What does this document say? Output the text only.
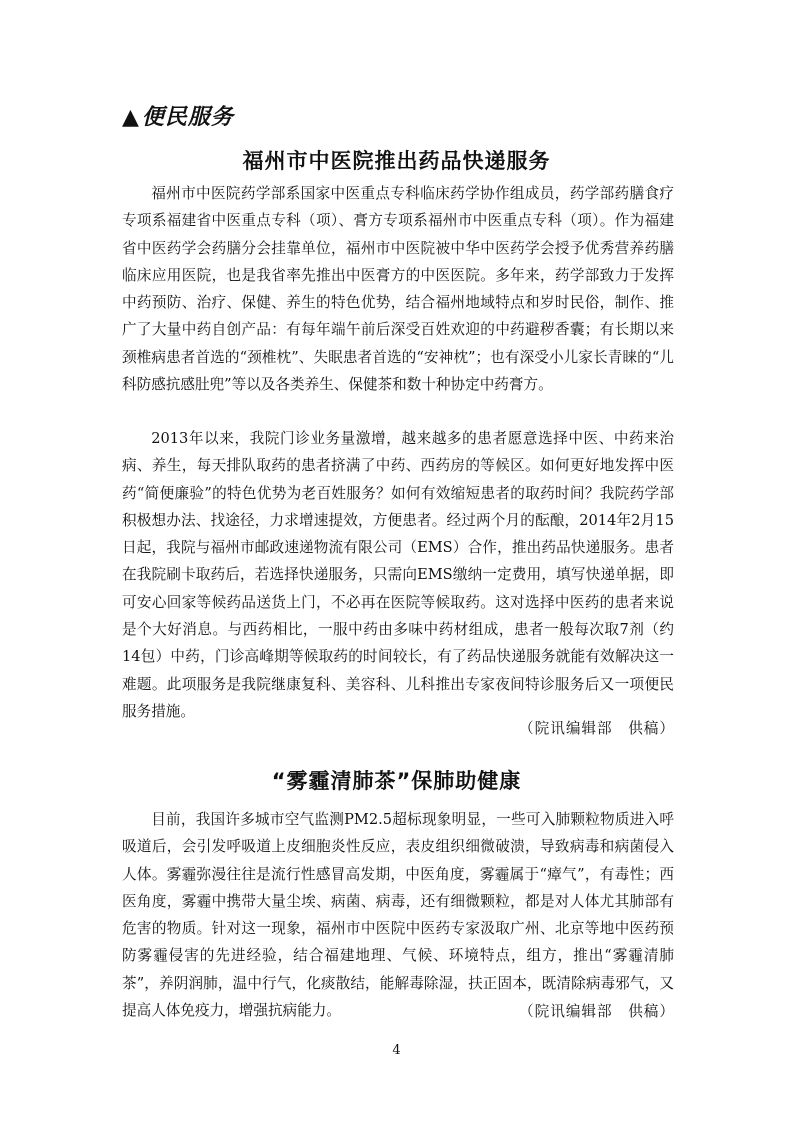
▲便民服务
福州市中医院推出药品快递服务

福州市中医院药学部系国家中医重点专科临床药学协作组成员，药学部药膳食疗专项系福建省中医重点专科（项）、膏方专项系福州市中医重点专科（项）。作为福建省中医药学会药膳分会挂靠单位，福州市中医院被中华中医药学会授予优秀营养药膳临床应用医院，也是我省率先推出中医膏方的中医医院。多年来，药学部致力于发挥中药预防、治疗、保健、养生的特色优势，结合福州地域特点和岁时民俗，制作、推广了大量中药自创产品：有每年端午前后深受百姓欢迎的中药避秽香囊；有长期以来颈椎病患者首选的“颈椎枕”、失眠患者首选的“安神枕”；也有深受小儿家长青睐的“儿科防感抗感肚兜”等以及各类养生、保健茶和数十种协定中药膏方。

2013年以来，我院门诊业务量激增，越来越多的患者愿意选择中医、中药来治病、养生，每天排队取药的患者挤满了中药、西药房的等候区。如何更好地发挥中医药“简便廉验”的特色优势为老百姓服务？如何有效缩短患者的取药时间？我院药学部积极想办法、找途径，力求增速提效，方便患者。经过两个月的酝酿，2014年2月15日起，我院与福州市邮政速递物流有限公司（EMS）合作，推出药品快递服务。患者在我院刷卡取药后，若选择快递服务，只需向EMS缴纳一定费用，填写快递单据，即可安心回家等候药品送货上门，不必再在医院等候取药。这对选择中医药的患者来说是个大好消息。与西药相比，一服中药由多味中药材组成，患者一般每次取7剂（约14包）中药，门诊高峰期等候取药的时间较长，有了药品快递服务就能有效解决这一难题。此项服务是我院继康复科、美容科、儿科推出专家夜间特诊服务后又一项便民服务措施。

（院讯编辑部　供稿）
“雾霾清肺茶”保肺助健康

目前，我国许多城市空气监测PM2.5超标现象明显，一些可入肺颗粒物质进入呼吸道后，会引发呼吸道上皮细胞炎性反应，表皮组织细微破溃，导致病毒和病菌侵入人体。雾霾弥漫往往是流行性感冒高发期，中医角度，雾霾属于“瘴气”，有毒性；西医角度，雾霾中携带大量尘埃、病菌、病毒，还有细微颗粒，都是对人体尤其肺部有危害的物质。针对这一现象，福州市中医院中医药专家汲取广州、北京等地中医药预防雾霾侵害的先进经验，结合福建地理、气候、环境特点，组方，推出“雾霾清肺茶”，养阴润肺，温中行气，化痰散结，能解毒除湿，扶正固本，既清除病毒邪气，又提高人体免疫力，增强抗病能力。	（院讯编辑部　供稿）
4
